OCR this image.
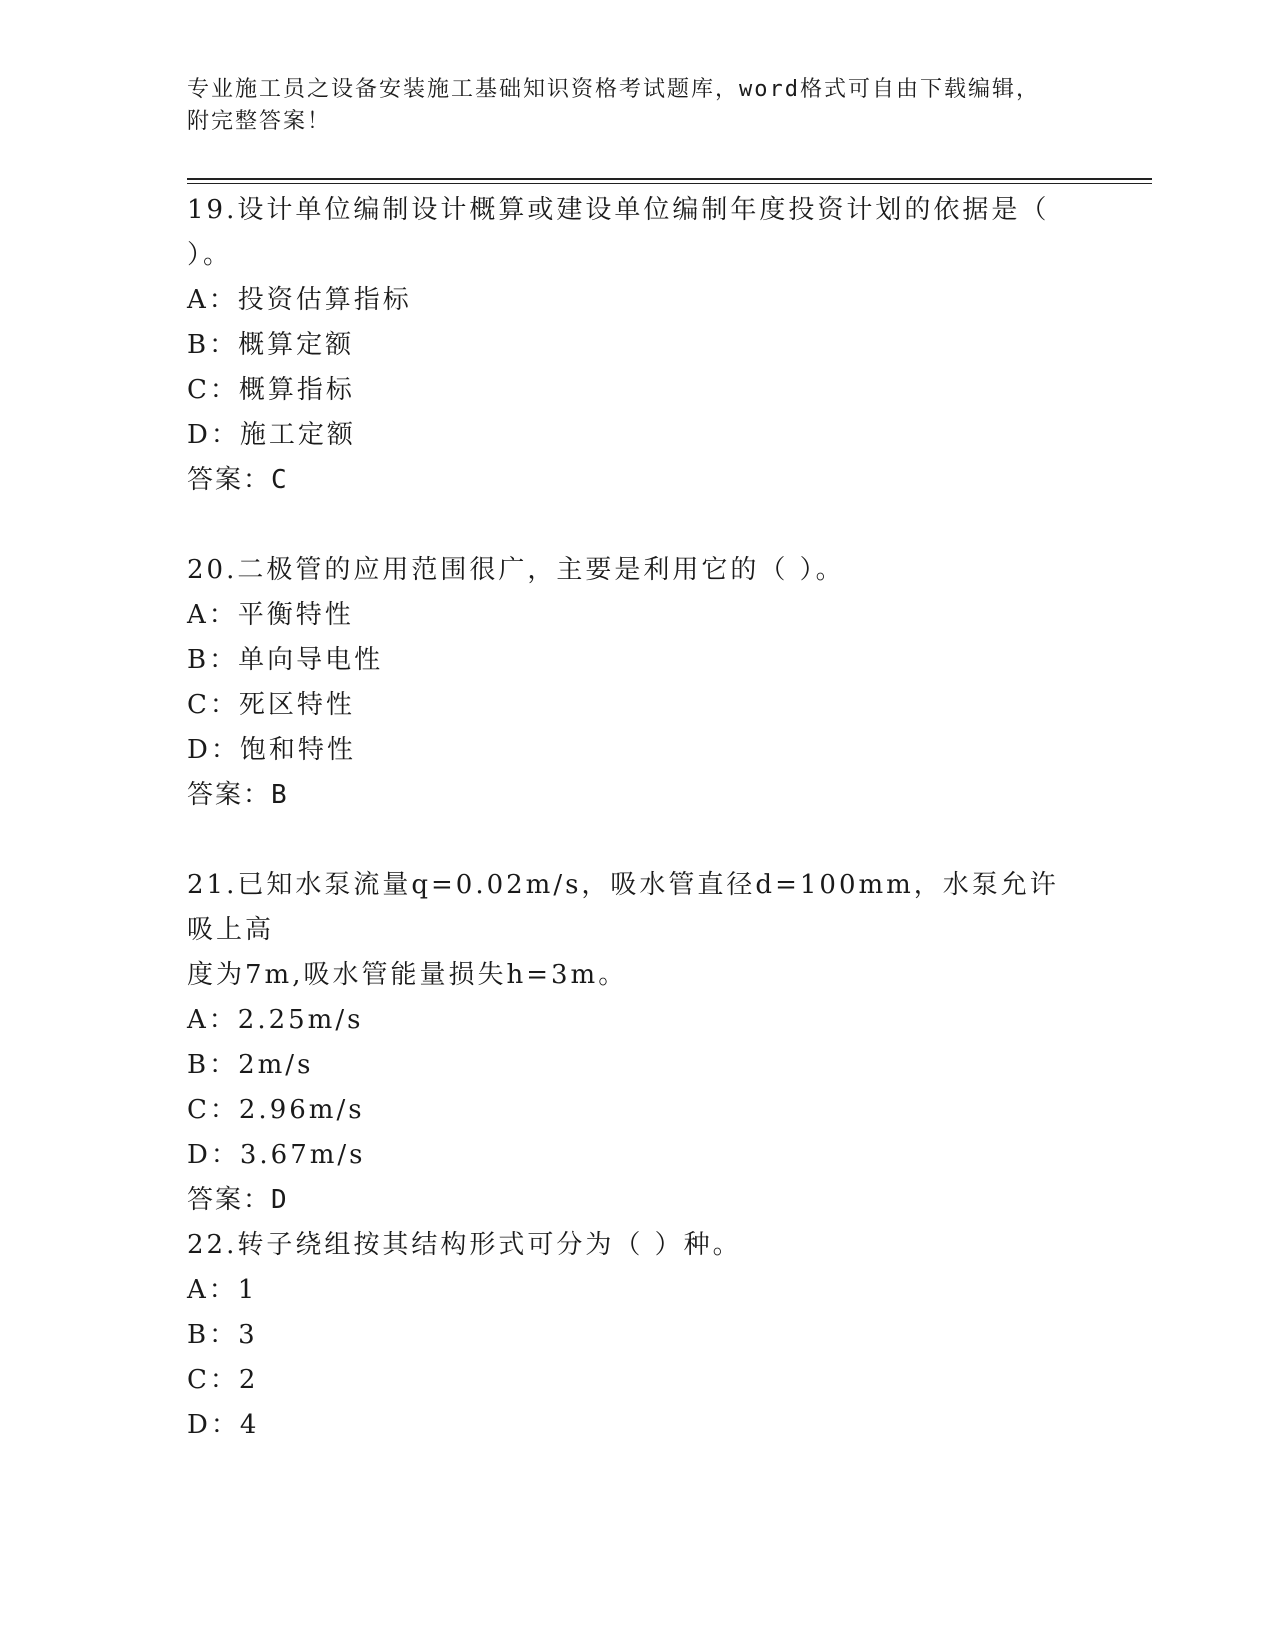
专业施工员之设备安装施工基础知识资格考试题库，word格式可自由下载编辑，
附完整答案！
19.设计单位编制设计概算或建设单位编制年度投资计划的依据是（
）。
A：投资估算指标
B：概算定额
C：概算指标
D：施工定额
答案：C
20.二极管的应用范围很广，主要是利用它的（ ）。
A：平衡特性
B：单向导电性
C：死区特性
D：饱和特性
答案：B
21.已知水泵流量q=0.02m/s，吸水管直径d=100mm，水泵允许吸上高
度为7m,吸水管能量损失h=3m。
A：2.25m/s
B：2m/s
C：2.96m/s
D：3.67m/s
答案：D
22.转子绕组按其结构形式可分为（ ）种。
A：1
B：3
C：2
D：4
